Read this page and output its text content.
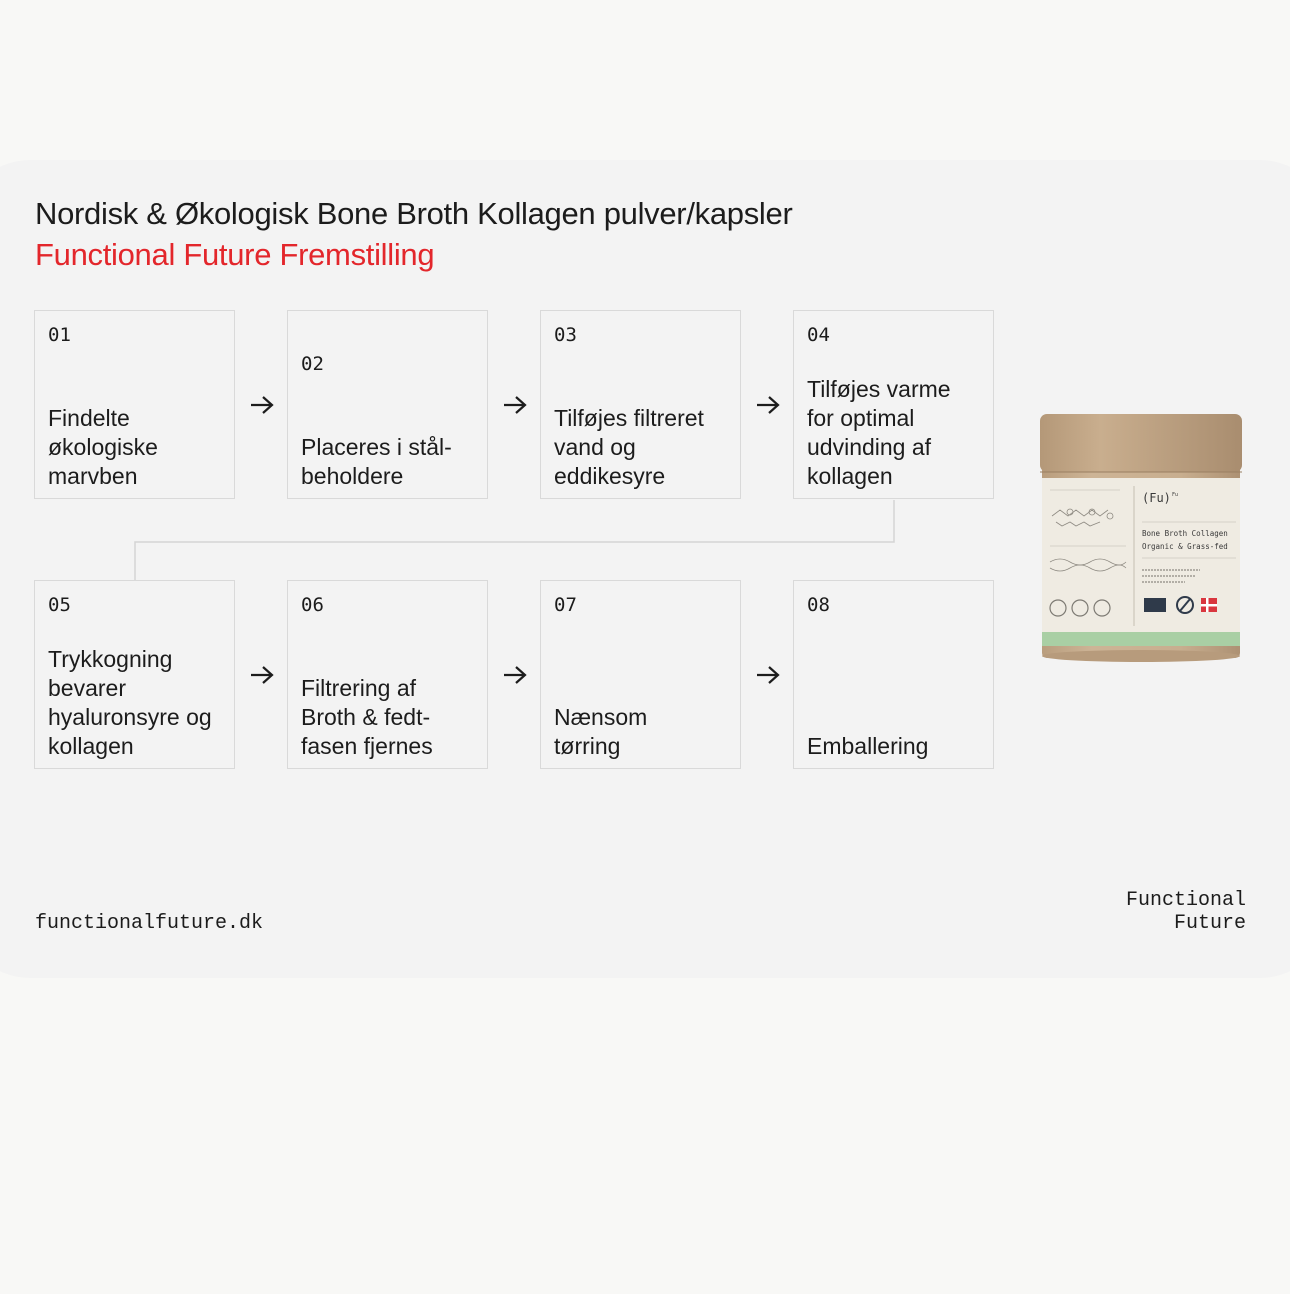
Nordisk & Økologisk Bone Broth Kollagen pulver/kapsler
Functional Future Fremstilling
01
Findelte
økologiske
marvben
02
Placeres i stål-
beholdere
03
Tilføjes filtreret
vand og
eddikesyre
04
Tilføjes varme
for optimal
udvinding af
kollagen
05
Trykkogning
bevarer
hyaluronsyre og
kollagen
06
Filtrering af
Broth & fedt-
fasen fjernes
07
Nænsom
tørring
08
Emballering
(Fu) Fu
Bone Broth Collagen
Organic & Grass-fed
functionalfuture.dk
Functional
Future
